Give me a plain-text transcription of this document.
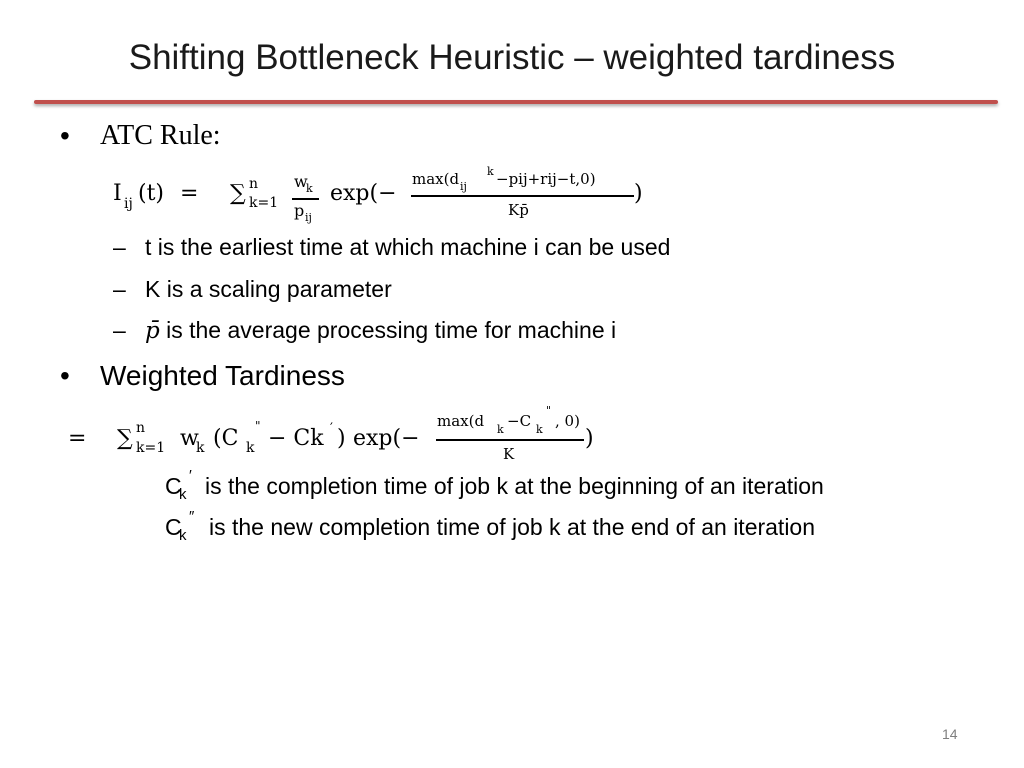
Shifting Bottleneck Heuristic – weighted tardiness
• ATC Rule:
I ij (t) = ∑ n
k=1
w
k
p ij
exp(−
max(d ij
k −pij+rij−t,0)
Kp̄
)
– t is the earliest time at which machine i can be used
– K is a scaling parameter
– p̄ is the average processing time for machine i
• Weighted Tardiness
= ∑ n
k=1 w
k (C k
" − Ck ′ ) exp(−
max(d k −C k
"
, 0)
K
)
C
k
′ is the completion time of job k at the beginning of an iteration
C
k
″ is the new completion time of job k at the end of an iteration
14
